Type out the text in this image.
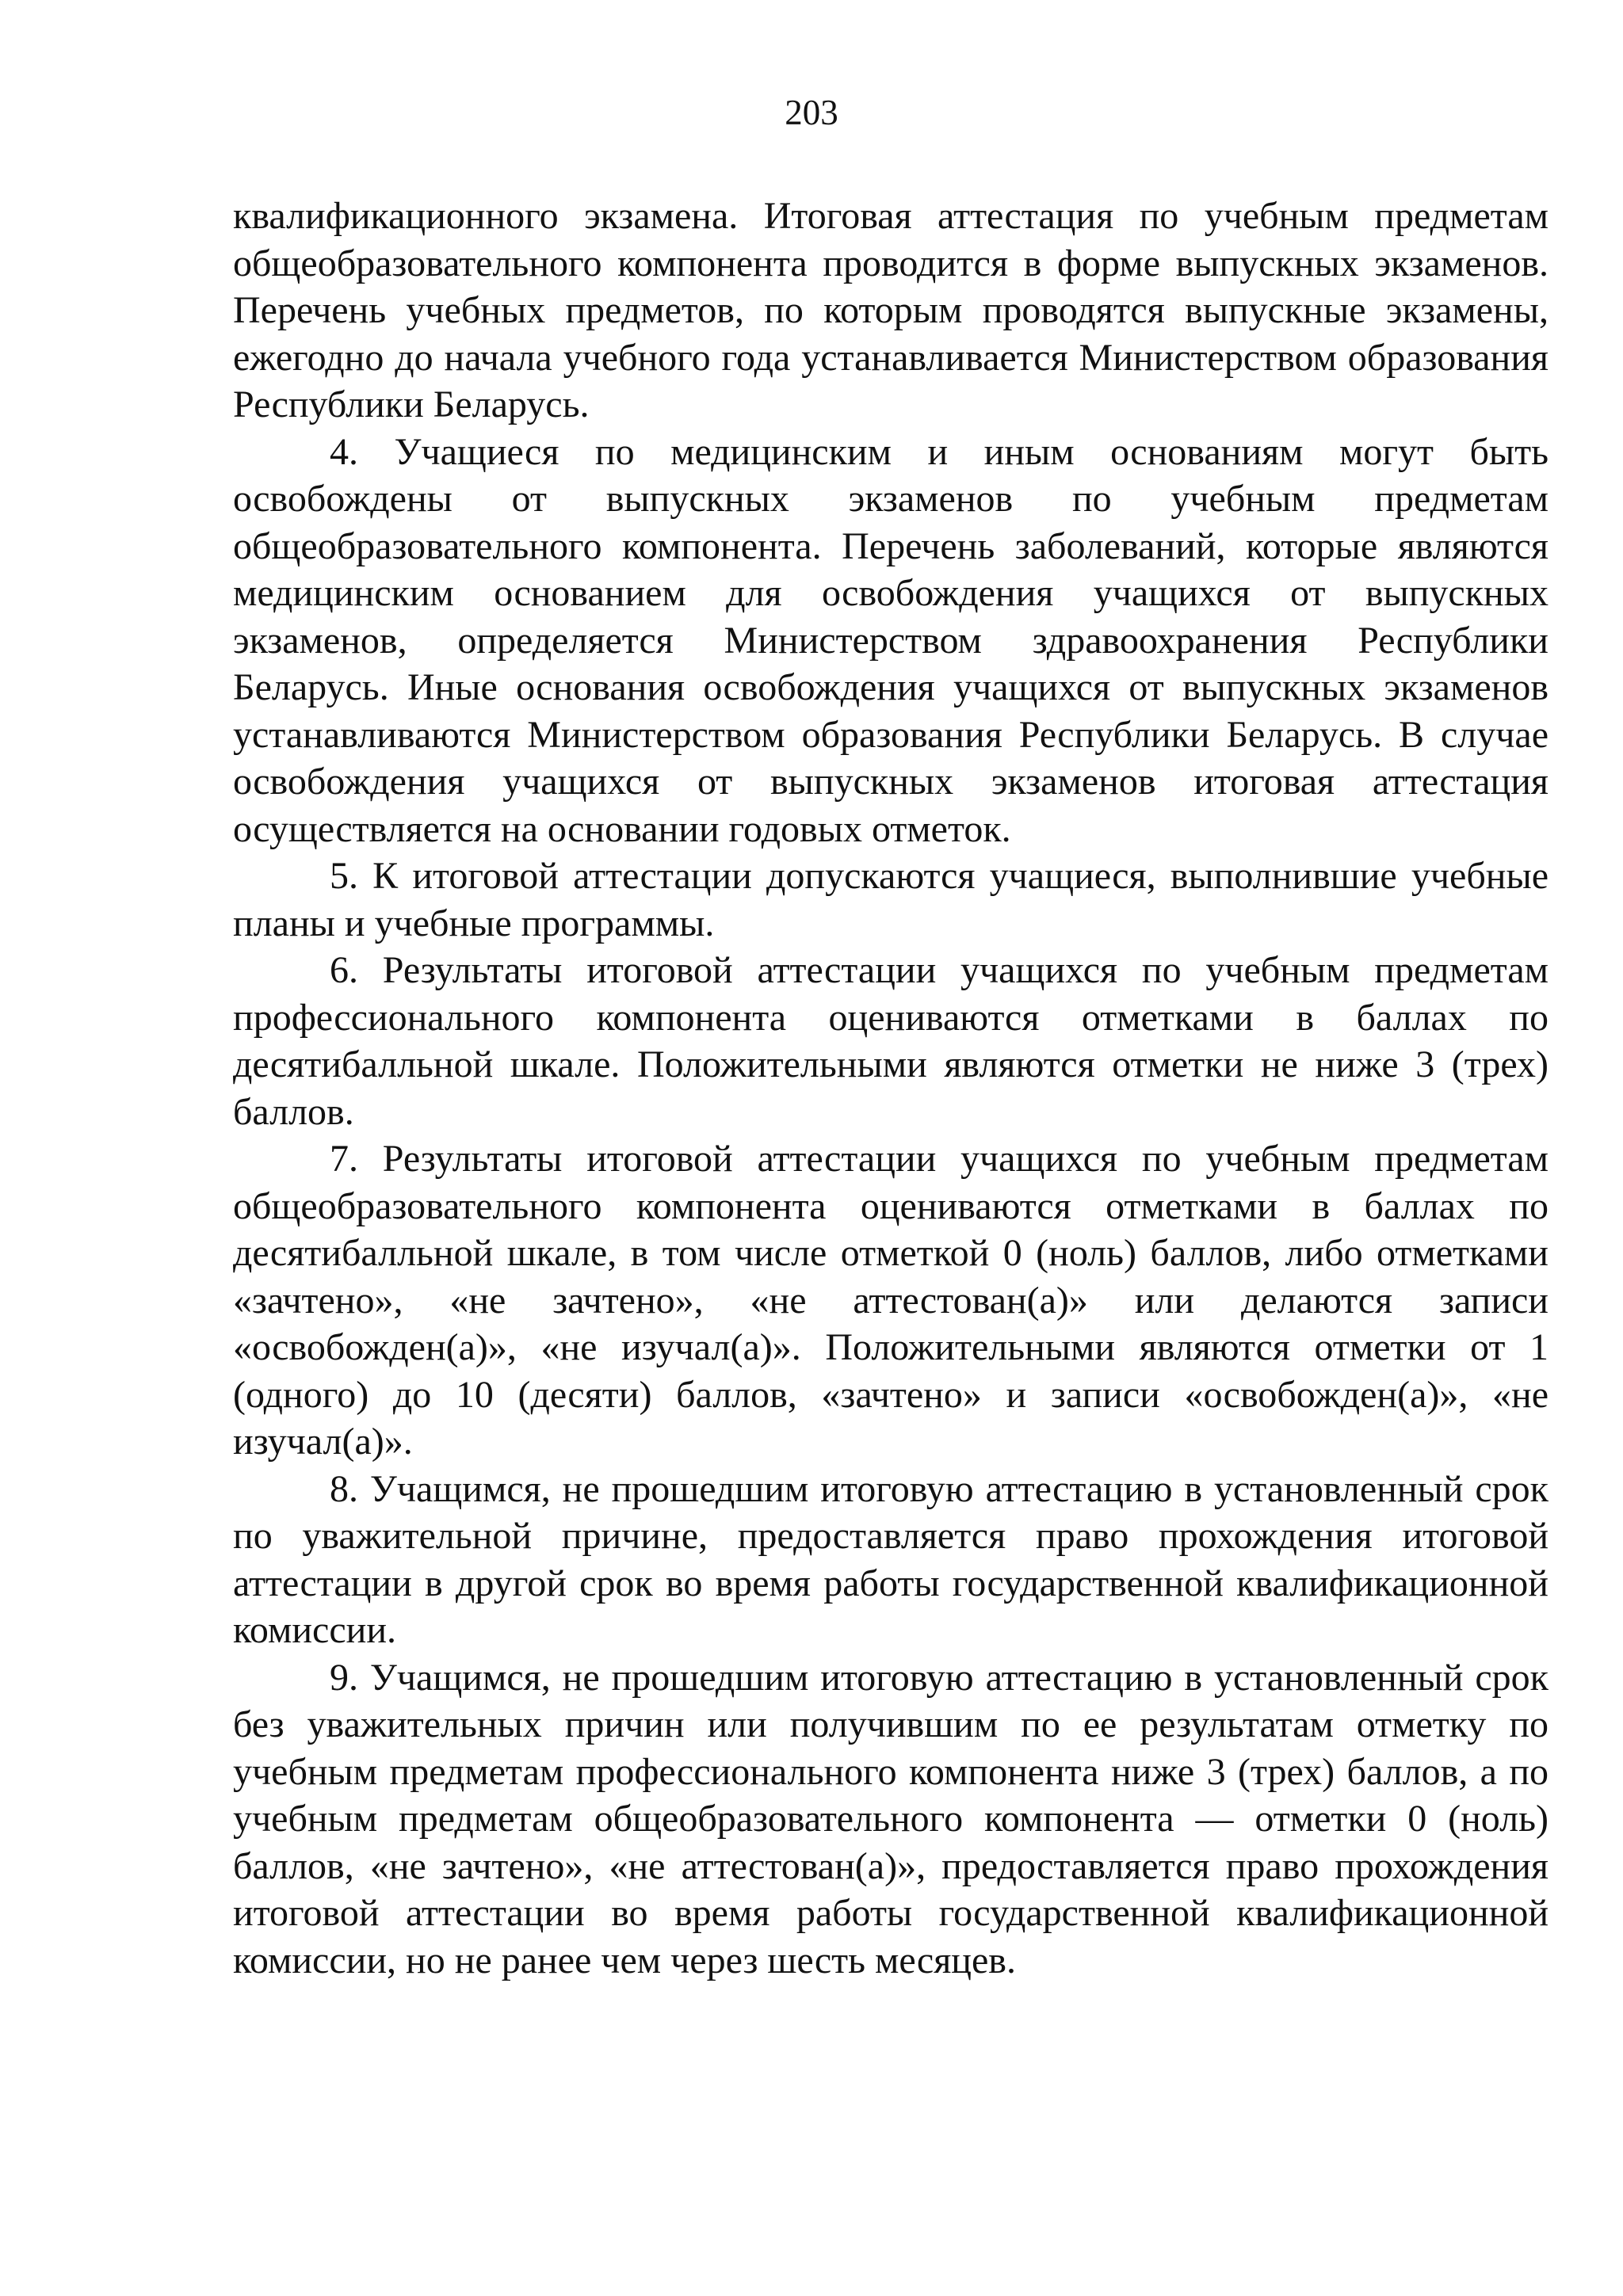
203

квалификационного экзамена. Итоговая аттестация по учебным предметам общеобразовательного компонента проводится в форме выпускных экзаменов. Перечень учебных предметов, по которым проводятся выпускные экзамены, ежегодно до начала учебного года устанавливается Министерством образования Республики Беларусь.

4. Учащиеся по медицинским и иным основаниям могут быть освобождены от выпускных экзаменов по учебным предметам общеобразовательного компонента. Перечень заболеваний, которые являются медицинским основанием для освобождения учащихся от выпускных экзаменов, определяется Министерством здравоохранения Республики Беларусь. Иные основания освобождения учащихся от выпускных экзаменов устанавливаются Министерством образования Республики Беларусь. В случае освобождения учащихся от выпускных экзаменов итоговая аттестация осуществляется на основании годовых отметок.

5. К итоговой аттестации допускаются учащиеся, выполнившие учебные планы и учебные программы.

6. Результаты итоговой аттестации учащихся по учебным предметам профессионального компонента оцениваются отметками в баллах по десятибалльной шкале. Положительными являются отметки не ниже 3 (трех) баллов.

7. Результаты итоговой аттестации учащихся по учебным предметам общеобразовательного компонента оцениваются отметками в баллах по десятибалльной шкале, в том числе отметкой 0 (ноль) баллов, либо отметками «зачтено», «не зачтено», «не аттестован(а)» или делаются записи «освобожден(а)», «не изучал(а)». Положительными являются отметки от 1 (одного) до 10 (десяти) баллов, «зачтено» и записи «освобожден(а)», «не изучал(а)».

8. Учащимся, не прошедшим итоговую аттестацию в установленный срок по уважительной причине, предоставляется право прохождения итоговой аттестации в другой срок во время работы государственной квалификационной комиссии.

9. Учащимся, не прошедшим итоговую аттестацию в установленный срок без уважительных причин или получившим по ее результатам отметку по учебным предметам профессионального компонента ниже 3 (трех) баллов, а по учебным предметам общеобразовательного компонента — отметки 0 (ноль) баллов, «не зачтено», «не аттестован(а)», предоставляется право прохождения итоговой аттестации во время работы государственной квалификационной комиссии, но не ранее чем через шесть месяцев.
